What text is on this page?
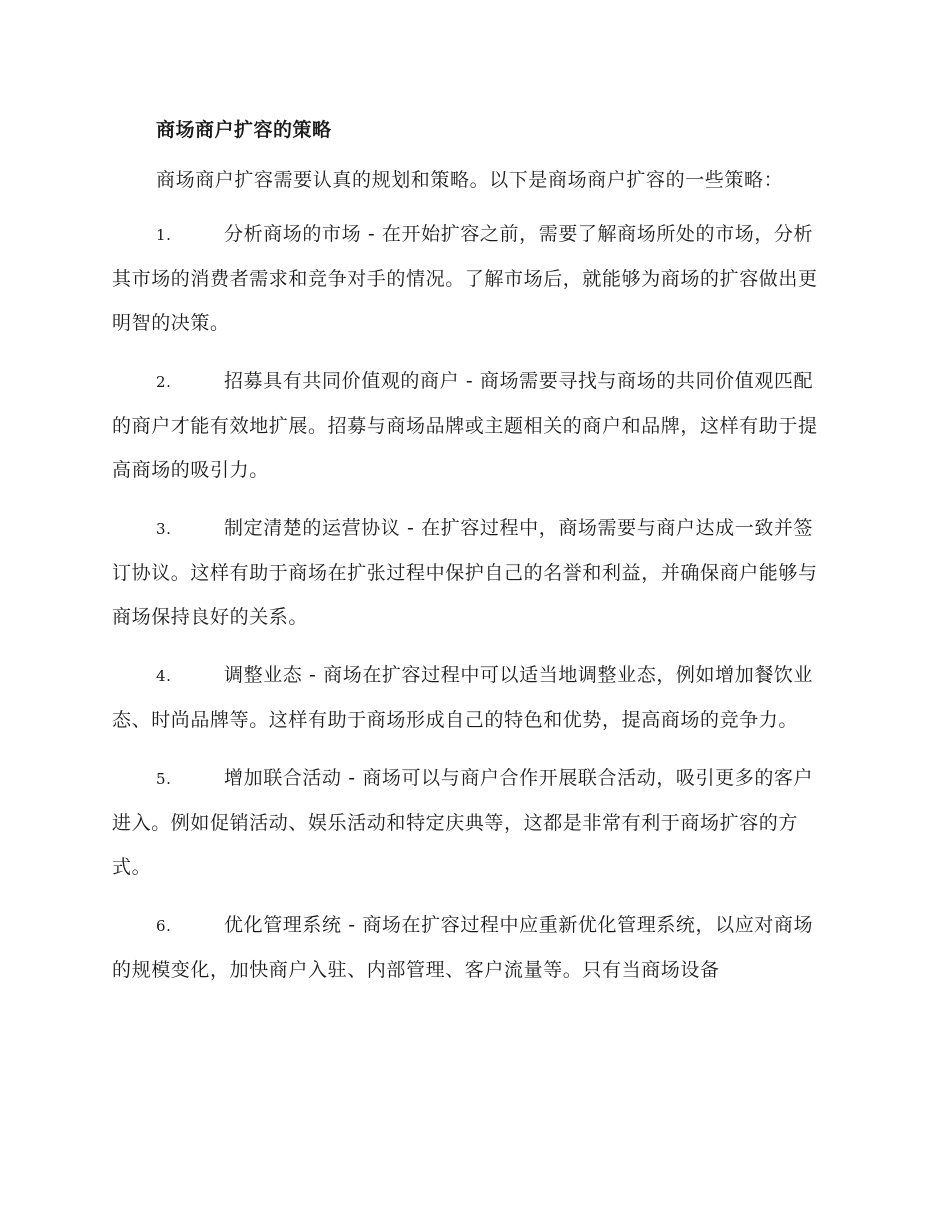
商场商户扩容的策略

商场商户扩容需要认真的规划和策略。以下是商场商户扩容的一些策略：

1.	分析商场的市场 - 在开始扩容之前，需要了解商场所处的市场，分析其市场的消费者需求和竞争对手的情况。了解市场后，就能够为商场的扩容做出更明智的决策。

2.	招募具有共同价值观的商户 - 商场需要寻找与商场的共同价值观匹配的商户才能有效地扩展。招募与商场品牌或主题相关的商户和品牌，这样有助于提高商场的吸引力。

3.	制定清楚的运营协议 - 在扩容过程中，商场需要与商户达成一致并签订协议。这样有助于商场在扩张过程中保护自己的名誉和利益，并确保商户能够与商场保持良好的关系。

4.	调整业态 - 商场在扩容过程中可以适当地调整业态，例如增加餐饮业态、时尚品牌等。这样有助于商场形成自己的特色和优势，提高商场的竞争力。

5.	增加联合活动 - 商场可以与商户合作开展联合活动，吸引更多的客户进入。例如促销活动、娱乐活动和特定庆典等，这都是非常有利于商场扩容的方式。

6.	优化管理系统 - 商场在扩容过程中应重新优化管理系统，以应对商场的规模变化，加快商户入驻、内部管理、客户流量等。只有当商场设备
